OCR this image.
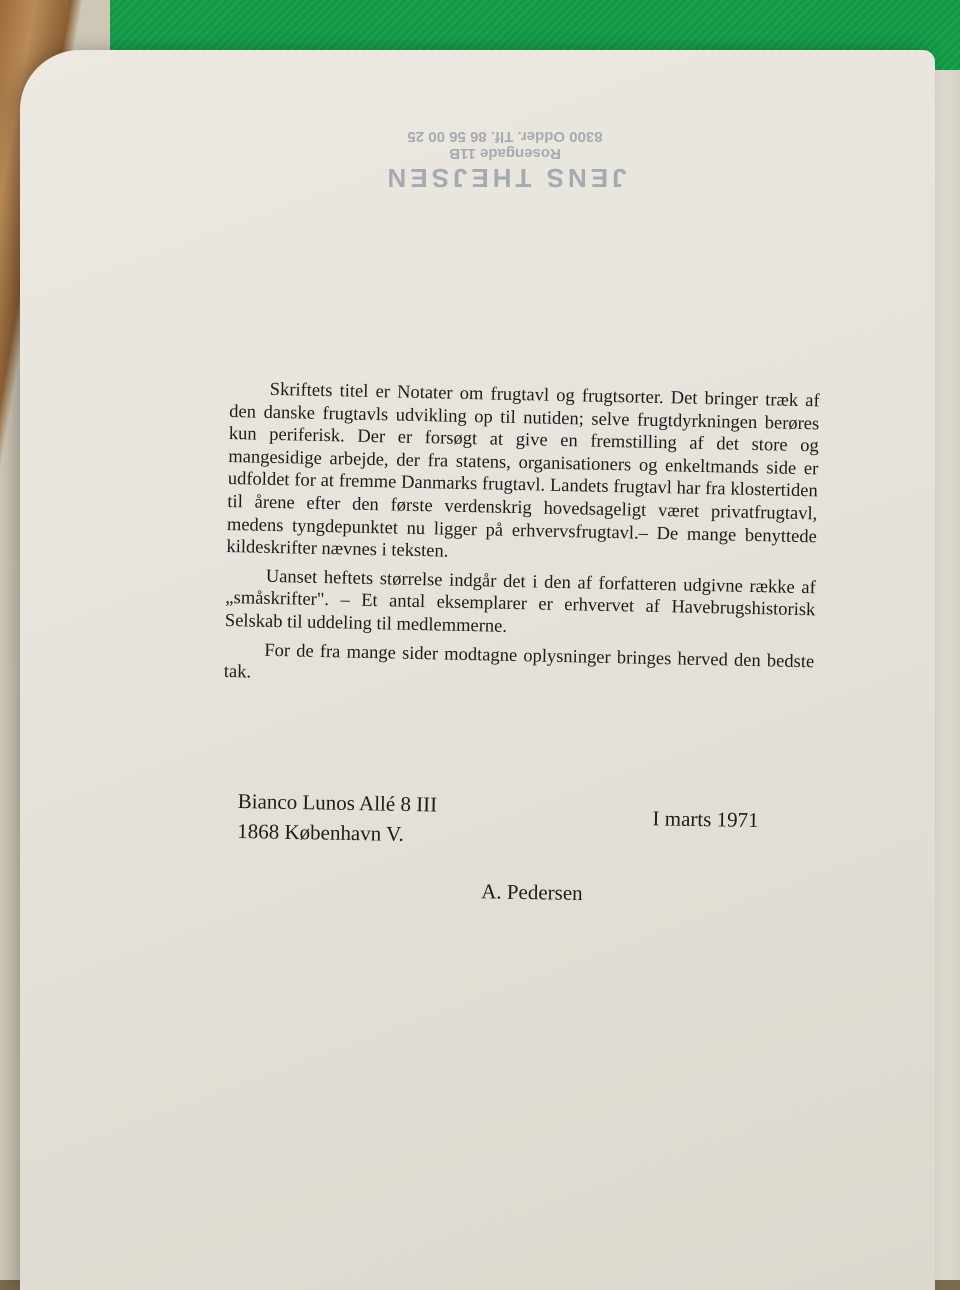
JENS THEJSEN
Rosengade 11B
8300 Odder. Tlf. 86 56 00 25

Skriftets titel er Notater om frugtavl og frugtsorter. Det bringer træk af den danske frugtavls udvikling op til nutiden; selve frugtdyrkningen berøres kun periferisk. Der er forsøgt at give en fremstilling af det store og mangesidige arbejde, der fra statens, organisationers og enkeltmands side er udfoldet for at fremme Danmarks frugtavl. Landets frugtavl har fra klostertiden til årene efter den første verdenskrig hovedsageligt været privatfrugtavl, medens tyngdepunktet nu ligger på erhvervsfrugtavl.– De mange benyttede kildeskrifter nævnes i teksten.

Uanset heftets størrelse indgår det i den af forfatteren udgivne række af „småskrifter". – Et antal eksemplarer er erhvervet af Havebrugshistorisk Selskab til uddeling til medlemmerne.

For de fra mange sider modtagne oplysninger bringes herved den bedste tak.

Bianco Lunos Allé 8 III
1868 København V.	I marts 1971
A. Pedersen
